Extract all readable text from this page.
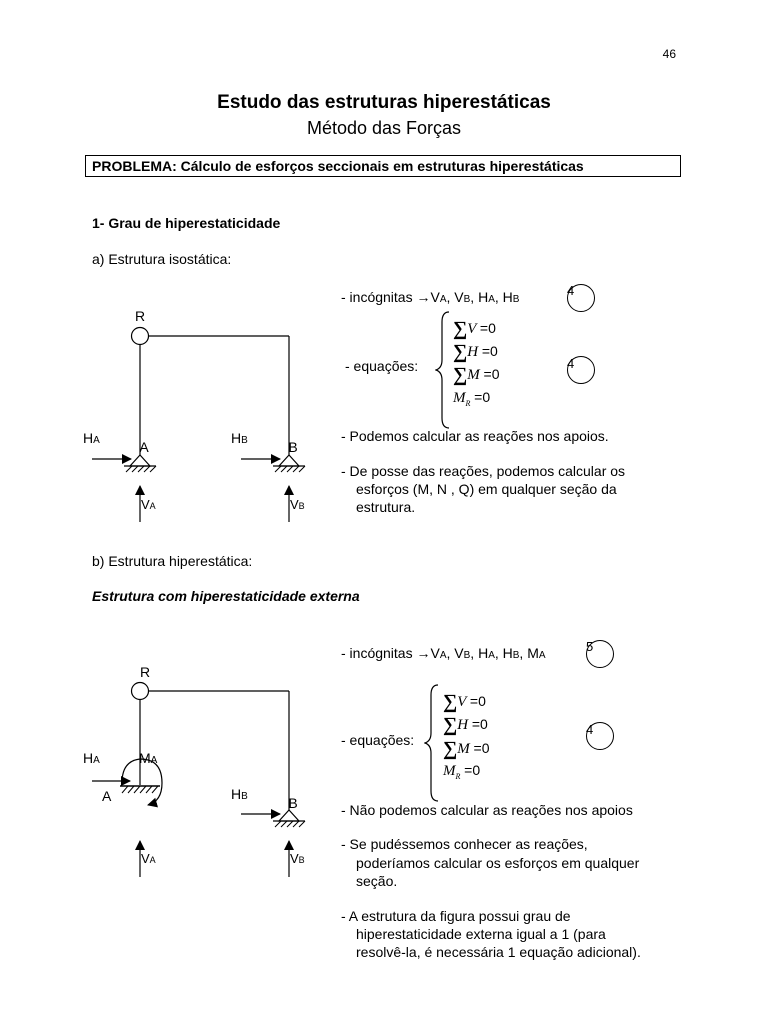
46
Estudo das estruturas hiperestáticas
Método das Forças
PROBLEMA: Cálculo de esforços seccionais em estruturas hiperestáticas
1- Grau de hiperestaticidade
a) Estrutura isostática:
R
A	B
HA	HB
VA	VB
- incógnitas →VA, VB, HA, HB
4
- equações:
∑V =0
∑H =0
∑M =0
$M_R =0$
4
- Podemos calcular as reações nos apoios.
- De posse das reações, podemos calcular os
esforços (M, N , Q) em qualquer seção da
estrutura.
b) Estrutura hiperestática:
Estrutura com hiperestaticidade externa
R
A	B
HA	MA
HB
VA	VB
- incógnitas →VA, VB, HA, HB, MA
5
- equações:
∑V =0
∑H =0
∑M =0
$M_R =0$
4
- Não podemos calcular as reações nos apoios
- Se pudéssemos conhecer as reações,
poderíamos calcular os esforços em qualquer
seção.
- A estrutura da figura possui grau de
hiperestaticidade externa igual a 1 (para
resolvê-la, é necessária 1 equação adicional).
